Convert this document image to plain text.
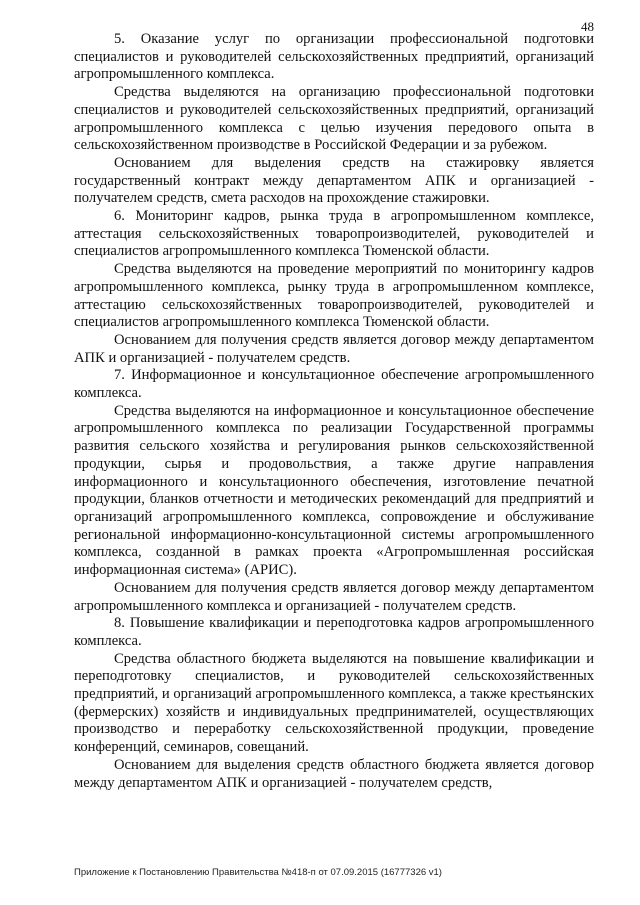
48

5. Оказание услуг по организации профессиональной подготовки специалистов и руководителей сельскохозяйственных предприятий, организаций агропромышленного комплекса.

Средства выделяются на организацию профессиональной подготовки специалистов и руководителей сельскохозяйственных предприятий, организаций агропромышленного комплекса с целью изучения передового опыта в сельскохозяйственном производстве в Российской Федерации и за рубежом.

Основанием для выделения средств на стажировку является государственный контракт между департаментом АПК и организацией - получателем средств, смета расходов на прохождение стажировки.

6. Мониторинг кадров, рынка труда в агропромышленном комплексе, аттестация сельскохозяйственных товаропроизводителей, руководителей и специалистов агропромышленного комплекса Тюменской области.

Средства выделяются на проведение мероприятий по мониторингу кадров агропромышленного комплекса, рынку труда в агропромышленном комплексе, аттестацию сельскохозяйственных товаропроизводителей, руководителей и специалистов агропромышленного комплекса Тюменской области.

Основанием для получения средств является договор между департаментом АПК и организацией - получателем средств.

7. Информационное и консультационное обеспечение агропромышленного комплекса.

Средства выделяются на информационное и консультационное обеспечение агропромышленного комплекса по реализации Государственной программы развития сельского хозяйства и регулирования рынков сельскохозяйственной продукции, сырья и продовольствия, а также другие направления информационного и консультационного обеспечения, изготовление печатной продукции, бланков отчетности и методических рекомендаций для предприятий и организаций агропромышленного комплекса, сопровождение и обслуживание региональной информационно-консультационной системы агропромышленного комплекса, созданной в рамках проекта «Агропромышленная российская информационная система» (АРИС).

Основанием для получения средств является договор между департаментом агропромышленного комплекса и организацией - получателем средств.

8. Повышение квалификации и переподготовка кадров агропромышленного комплекса.

Средства областного бюджета выделяются на повышение квалификации и переподготовку специалистов, и руководителей сельскохозяйственных предприятий, и организаций агропромышленного комплекса, а также крестьянских (фермерских) хозяйств и индивидуальных предпринимателей, осуществляющих производство и переработку сельскохозяйственной продукции, проведение конференций, семинаров, совещаний.

Основанием для выделения средств областного бюджета является договор между департаментом АПК и организацией - получателем средств,

Приложение к Постановлению Правительства №418-п от 07.09.2015 (16777326 v1)
